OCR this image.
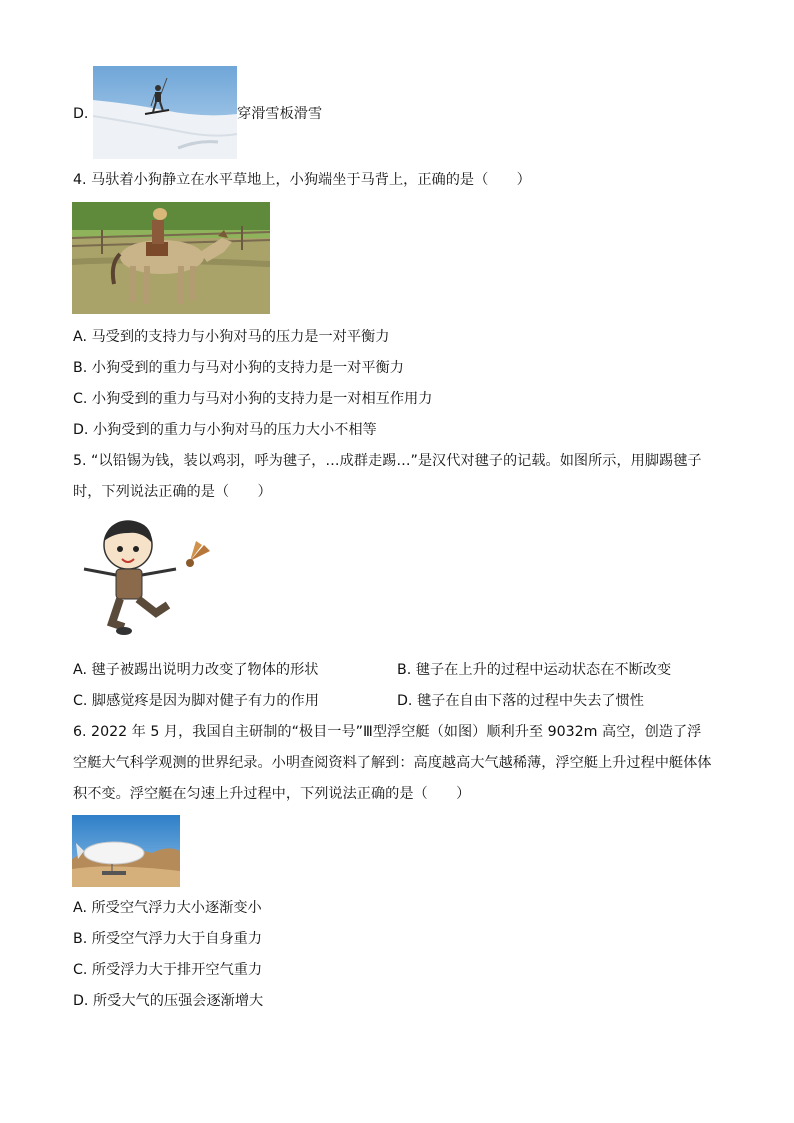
D.	穿滑雪板滑雪
4. 马驮着小狗静立在水平草地上，小狗端坐于马背上，正确的是（　　）
A. 马受到的支持力与小狗对马的压力是一对平衡力
B. 小狗受到的重力与马对小狗的支持力是一对平衡力
C. 小狗受到的重力与马对小狗的支持力是一对相互作用力
D. 小狗受到的重力与小狗对马的压力大小不相等
5. “以铅锡为钱，装以鸡羽，呼为毽子，…成群走踢…”是汉代对毽子的记载。如图所示，用脚踢毽子
时，下列说法正确的是（　　）
A. 毽子被踢出说明力改变了物体的形状	B. 毽子在上升的过程中运动状态在不断改变
C. 脚感觉疼是因为脚对健子有力的作用	D. 毽子在自由下落的过程中失去了惯性
6. 2022 年 5 月，我国自主研制的“极目一号”Ⅲ型浮空艇（如图）顺利升至 9032m 高空，创造了浮
空艇大气科学观测的世界纪录。小明查阅资料了解到：高度越高大气越稀薄，浮空艇上升过程中艇体体
积不变。浮空艇在匀速上升过程中，下列说法正确的是（　　）
A. 所受空气浮力大小逐渐变小
B. 所受空气浮力大于自身重力
C. 所受浮力大于排开空气重力
D. 所受大气的压强会逐渐增大
